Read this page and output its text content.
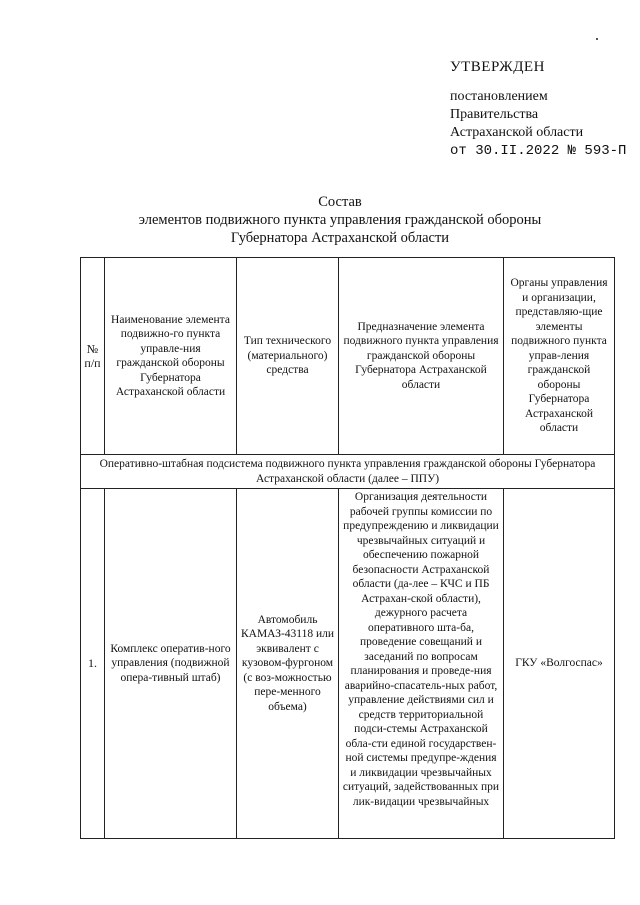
УТВЕРЖДЕН
постановлением
Правительства
Астраханской области
от 30.II.2022 № 593-П
Состав
элементов подвижного пункта управления гражданской обороны
Губернатора Астраханской области
№ п/п	Наименование элемента подвижно-го пункта управле-ния гражданской обороны Губернатора Астраханской области	Тип технического (материального) средства	Предназначение элемента подвижного пункта управления гражданской обороны Губернатора Астраханской области	Органы управления и организации, представляю-щие элементы подвижного пункта управ-ления гражданской обороны Губернатора Астраханской области
Оперативно-штабная подсистема подвижного пункта управления гражданской обороны Губернатора Астраханской области (далее – ППУ)				
1.	Комплекс оператив-ного управления (подвижной опера-тивный штаб)	Автомобиль КАМАЗ-43118 или эквивалент с кузовом-фургоном (с воз-можностью пере-менного объема)	Организация деятельности рабочей группы комиссии по предупреждению и ликвидации чрезвычайных ситуаций и обеспечению пожарной безопасности Астраханской области (да-лее – КЧС и ПБ Астрахан-ской области), дежурного расчета оперативного шта-ба, проведение совещаний и заседаний по вопросам планирования и проведе-ния аварийно-спасатель-ных работ, управление действиями сил и средств территориальной подси-стемы Астраханской обла-сти единой государствен-ной системы предупре-ждения и ликвидации чрезвычайных ситуаций, задействованных при лик-видации чрезвычайных	ГКУ «Волгоспас»
